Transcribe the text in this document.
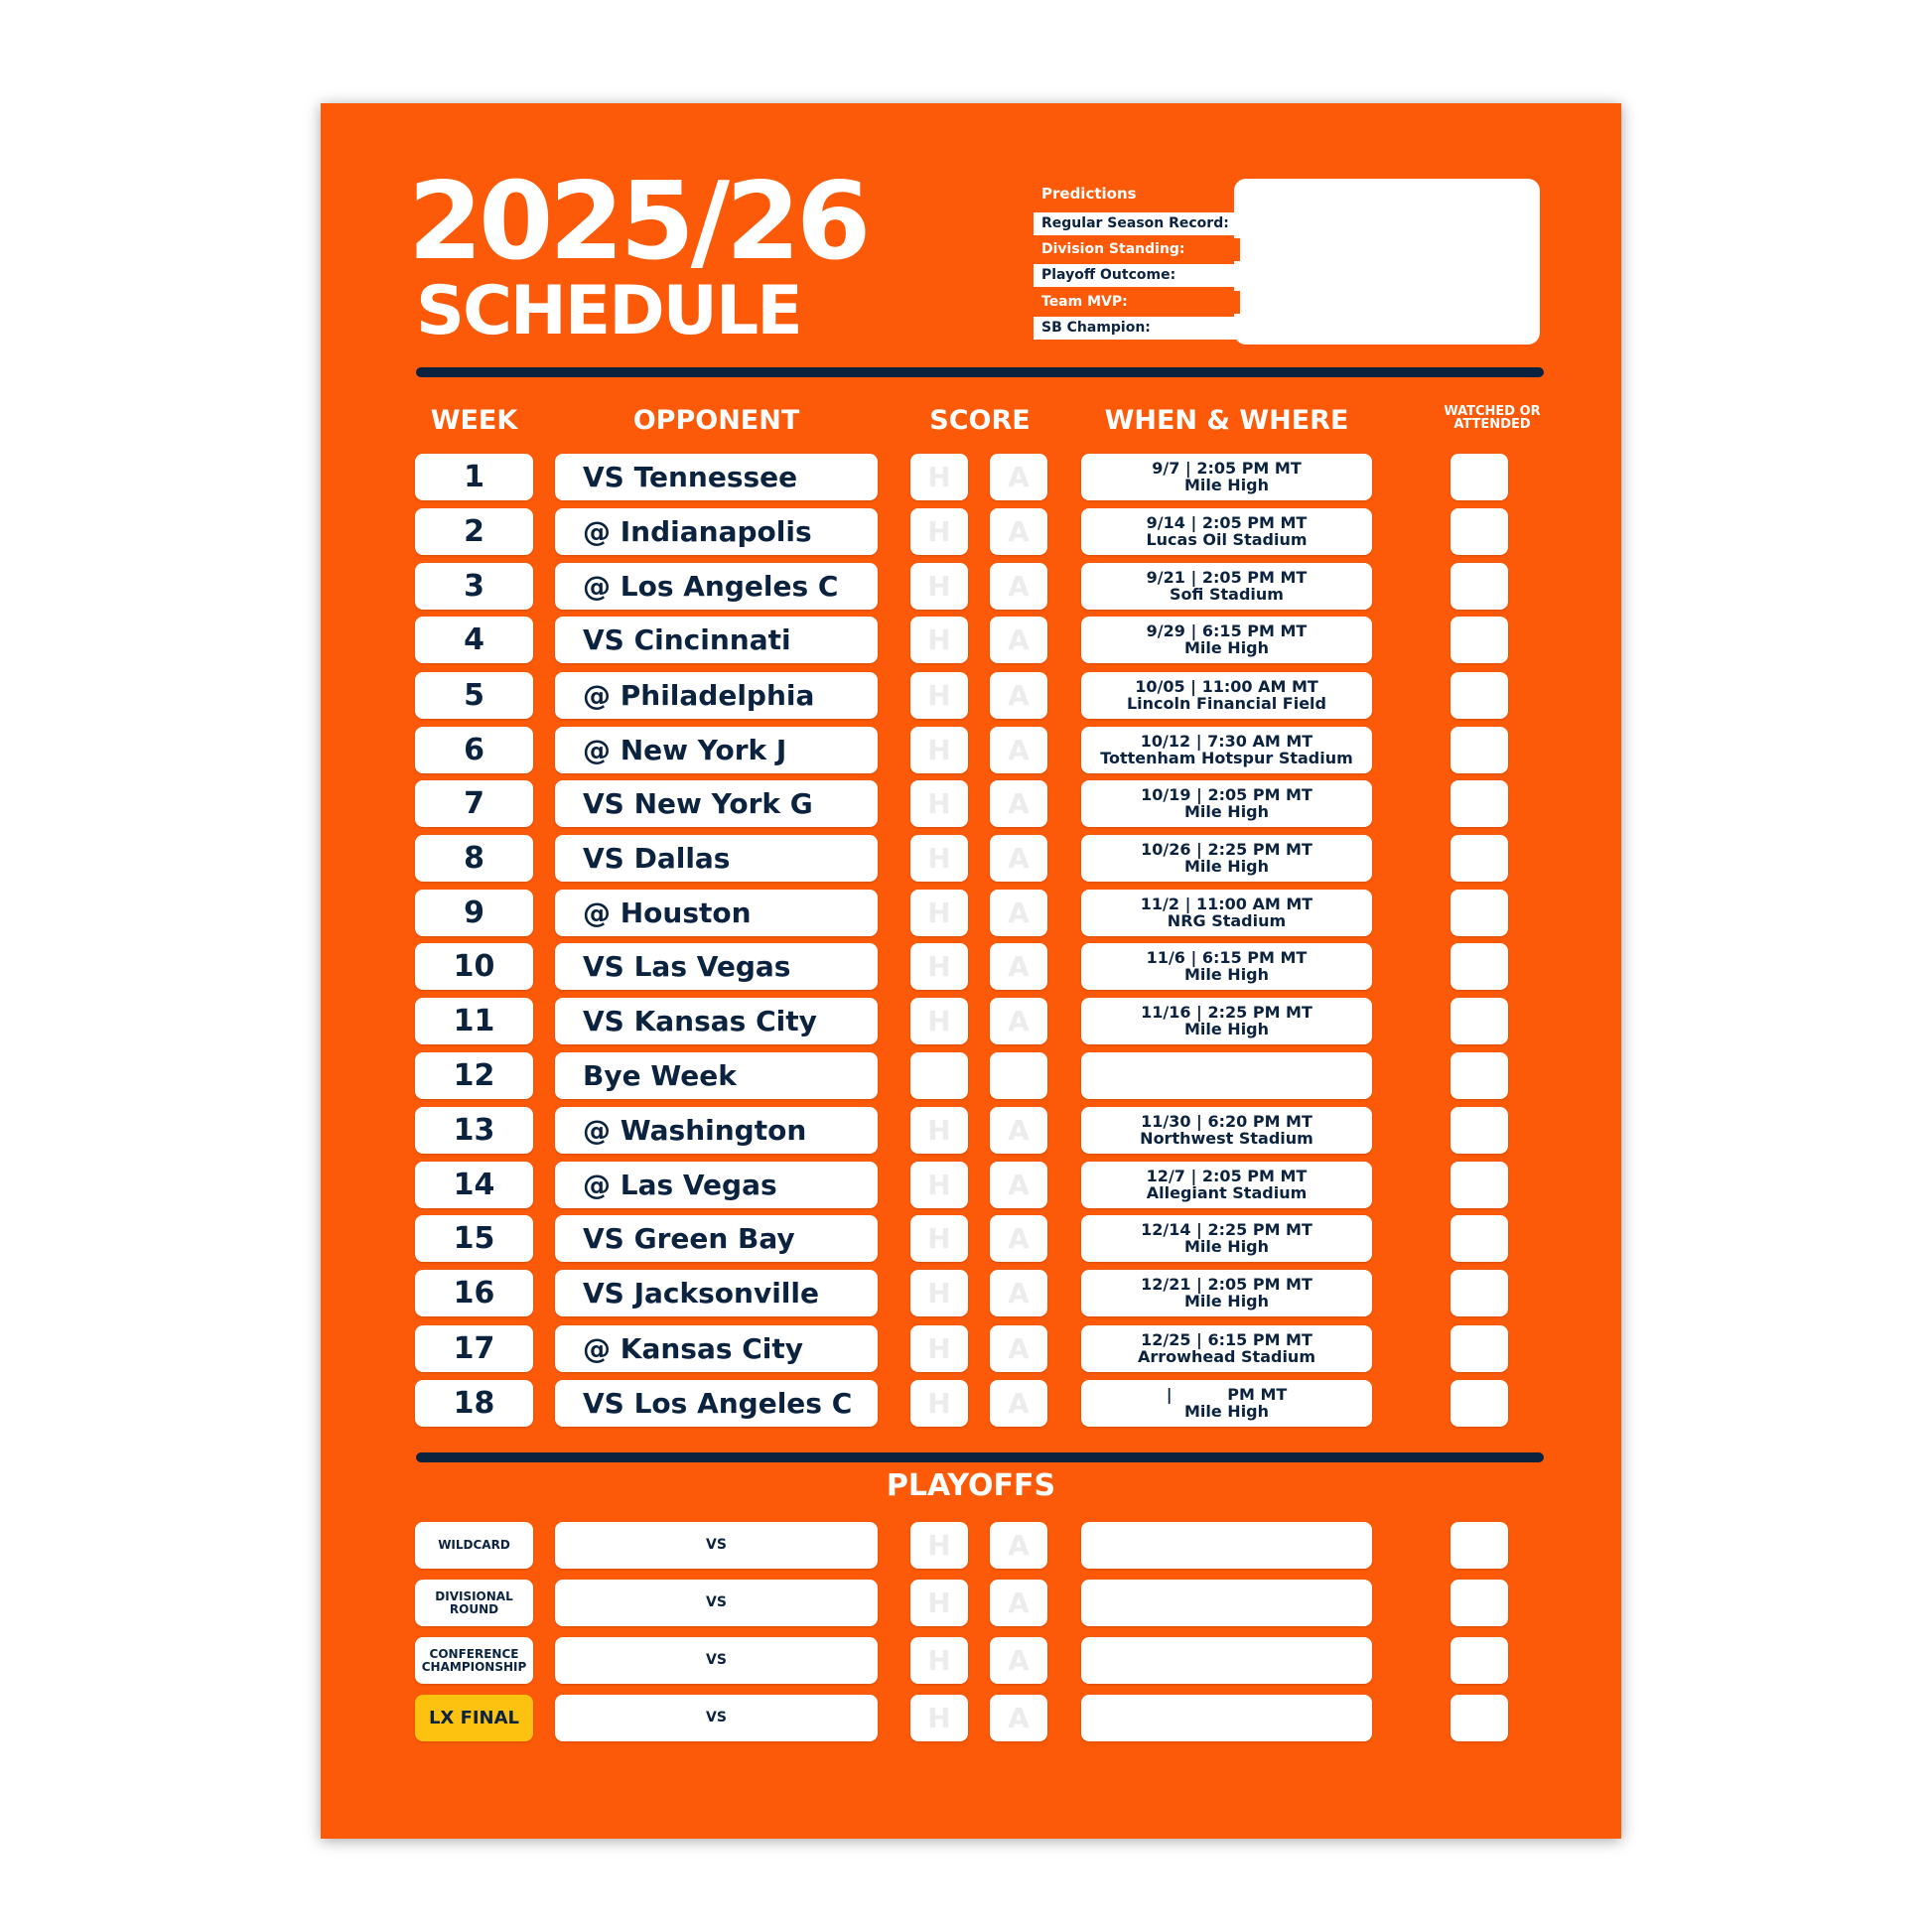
2025/26
SCHEDULE
Predictions
Regular Season Record:
Division Standing:
Playoff Outcome:
Team MVP:
SB Champion:
WEEK	OPPONENT	SCORE	WHEN & WHERE	WATCHED OR ATTENDED
1	VS Tennessee	H	A	9/7 | 2:05 PM MT
Mile High
2	@ Indianapolis	H	A	9/14 | 2:05 PM MT
Lucas Oil Stadium
3	@ Los Angeles C	H	A	9/21 | 2:05 PM MT
Sofi Stadium
4	VS Cincinnati	H	A	9/29 | 6:15 PM MT
Mile High
5	@ Philadelphia	H	A	10/05 | 11:00 AM MT
Lincoln Financial Field
6	@ New York J	H	A	10/12 | 7:30 AM MT
Tottenham Hotspur Stadium
7	VS New York G	H	A	10/19 | 2:05 PM MT
Mile High
8	VS Dallas	H	A	10/26 | 2:25 PM MT
Mile High
9	@ Houston	H	A	11/2 | 11:00 AM MT
NRG Stadium
10	VS Las Vegas	H	A	11/6 | 6:15 PM MT
Mile High
11	VS Kansas City	H	A	11/16 | 2:25 PM MT
Mile High
12	Bye Week
13	@ Washington	H	A	11/30 | 6:20 PM MT
Northwest Stadium
14	@ Las Vegas	H	A	12/7 | 2:05 PM MT
Allegiant Stadium
15	VS Green Bay	H	A	12/14 | 2:25 PM MT
Mile High
16	VS Jacksonville	H	A	12/21 | 2:05 PM MT
Mile High
17	@ Kansas City	H	A	12/25 | 6:15 PM MT
Arrowhead Stadium
18	VS Los Angeles C	H	A	|          PM MT
Mile High
PLAYOFFS
WILDCARD	VS	H	A
DIVISIONAL ROUND	VS	H	A
CONFERENCE CHAMPIONSHIP	VS	H	A
LX FINAL	VS	H	A
